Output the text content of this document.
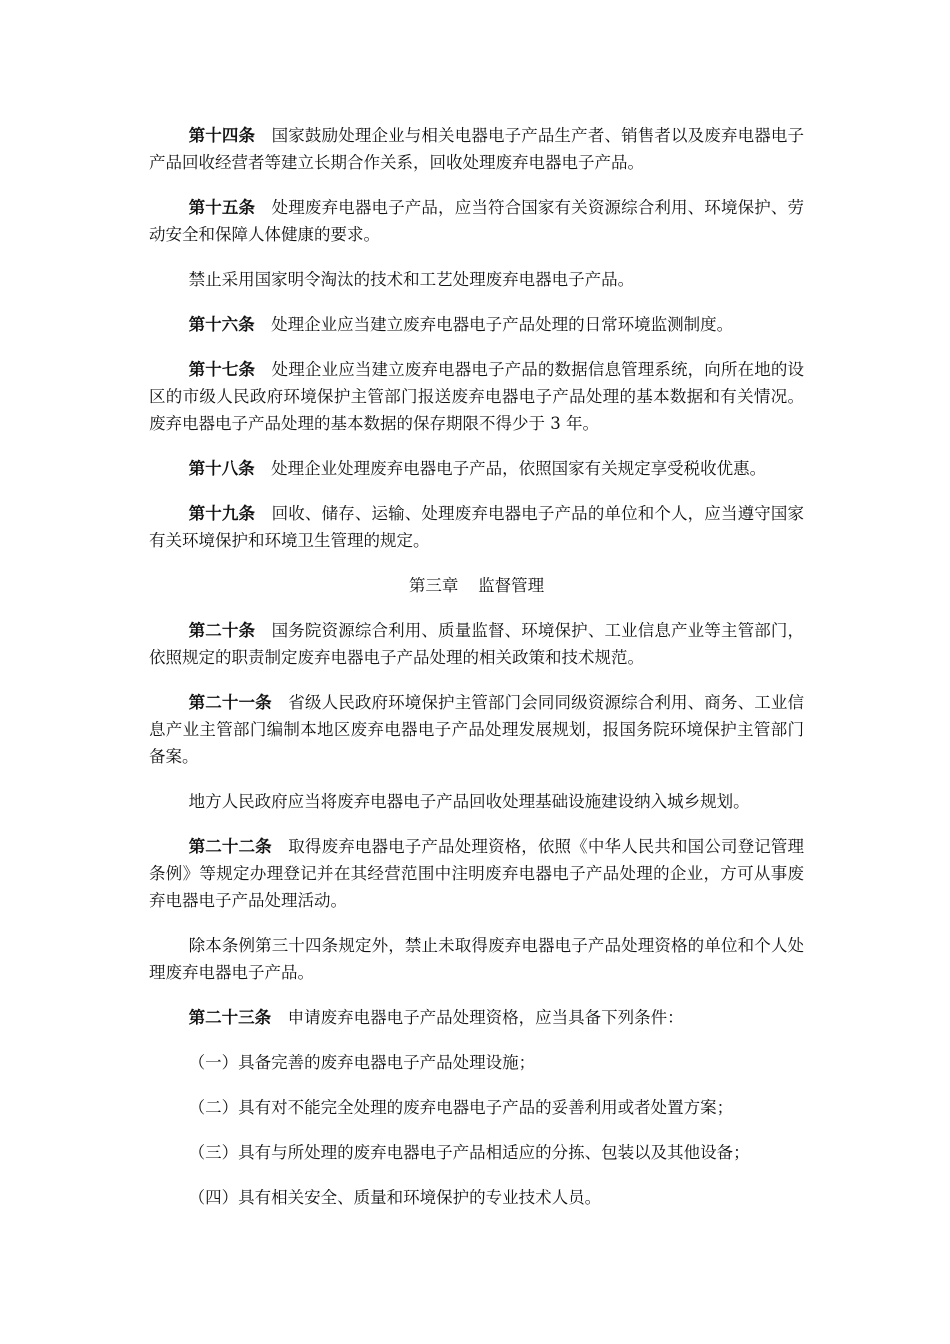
第十四条 国家鼓励处理企业与相关电器电子产品生产者、销售者以及废弃电器电子产品回收经营者等建立长期合作关系，回收处理废弃电器电子产品。

第十五条 处理废弃电器电子产品，应当符合国家有关资源综合利用、环境保护、劳动安全和保障人体健康的要求。

禁止采用国家明令淘汰的技术和工艺处理废弃电器电子产品。

第十六条 处理企业应当建立废弃电器电子产品处理的日常环境监测制度。

第十七条 处理企业应当建立废弃电器电子产品的数据信息管理系统，向所在地的设区的市级人民政府环境保护主管部门报送废弃电器电子产品处理的基本数据和有关情况。废弃电器电子产品处理的基本数据的保存期限不得少于 3 年。

第十八条 处理企业处理废弃电器电子产品，依照国家有关规定享受税收优惠。

第十九条 回收、储存、运输、处理废弃电器电子产品的单位和个人，应当遵守国家有关环境保护和环境卫生管理的规定。

第三章 监督管理

第二十条 国务院资源综合利用、质量监督、环境保护、工业信息产业等主管部门，依照规定的职责制定废弃电器电子产品处理的相关政策和技术规范。

第二十一条 省级人民政府环境保护主管部门会同同级资源综合利用、商务、工业信息产业主管部门编制本地区废弃电器电子产品处理发展规划，报国务院环境保护主管部门备案。

地方人民政府应当将废弃电器电子产品回收处理基础设施建设纳入城乡规划。

第二十二条 取得废弃电器电子产品处理资格，依照《中华人民共和国公司登记管理条例》等规定办理登记并在其经营范围中注明废弃电器电子产品处理的企业，方可从事废弃电器电子产品处理活动。

除本条例第三十四条规定外，禁止未取得废弃电器电子产品处理资格的单位和个人处理废弃电器电子产品。

第二十三条 申请废弃电器电子产品处理资格，应当具备下列条件：

（一）具备完善的废弃电器电子产品处理设施；

（二）具有对不能完全处理的废弃电器电子产品的妥善利用或者处置方案；

（三）具有与所处理的废弃电器电子产品相适应的分拣、包装以及其他设备；

（四）具有相关安全、质量和环境保护的专业技术人员。
